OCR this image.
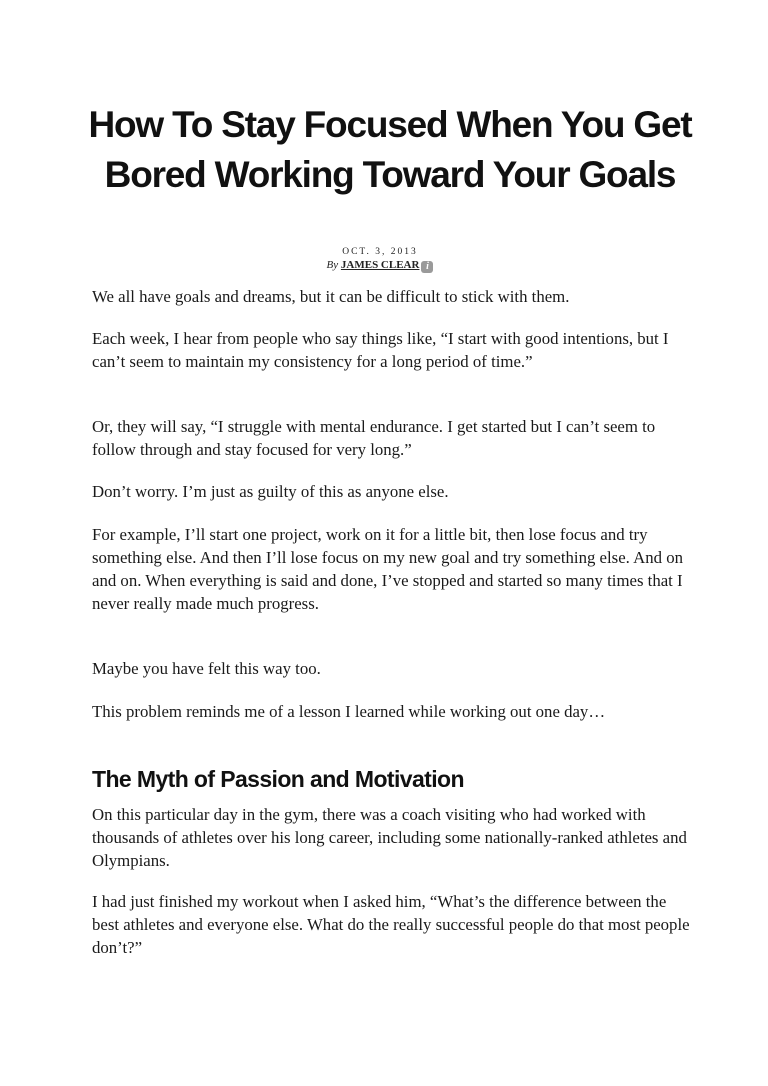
How To Stay Focused When You Get Bored Working Toward Your Goals
OCT. 3, 2013
By JAMES CLEAR i

We all have goals and dreams, but it can be difficult to stick with them.

Each week, I hear from people who say things like, “I start with good intentions, but I can’t seem to maintain my consistency for a long period of time.”

Or, they will say, “I struggle with mental endurance. I get started but I can’t seem to follow through and stay focused for very long.”

Don’t worry. I’m just as guilty of this as anyone else.

For example, I’ll start one project, work on it for a little bit, then lose focus and try something else. And then I’ll lose focus on my new goal and try something else. And on and on. When everything is said and done, I’ve stopped and started so many times that I never really made much progress.

Maybe you have felt this way too.

This problem reminds me of a lesson I learned while working out one day…

The Myth of Passion and Motivation

On this particular day in the gym, there was a coach visiting who had worked with thousands of athletes over his long career, including some nationally-ranked athletes and Olympians.

I had just finished my workout when I asked him, “What’s the difference between the best athletes and everyone else. What do the really successful people do that most people don’t?”
